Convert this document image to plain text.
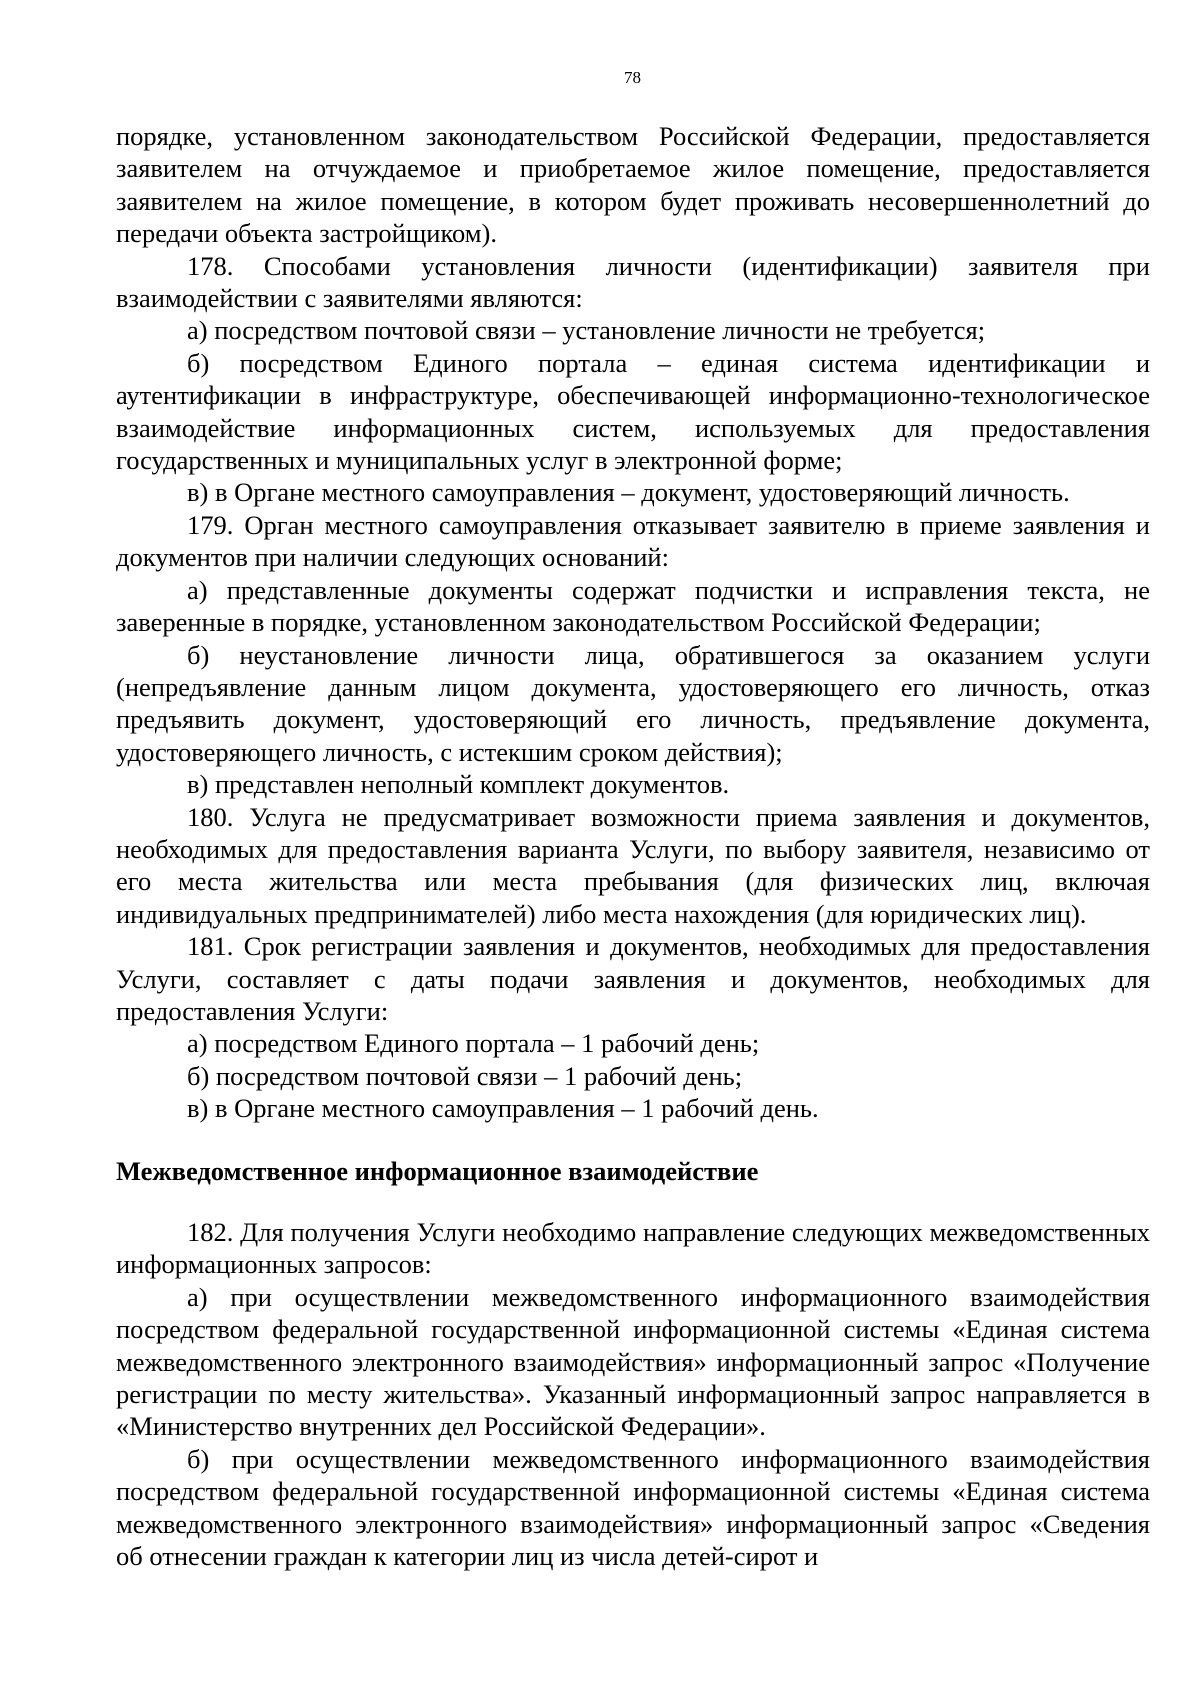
78
порядке, установленном законодательством Российской Федерации, предоставляется заявителем на отчуждаемое и приобретаемое жилое помещение, предоставляется заявителем на жилое помещение, в котором будет проживать несовершеннолетний до передачи объекта застройщиком).
178. Способами установления личности (идентификации) заявителя при взаимодействии с заявителями являются:
а) посредством почтовой связи – установление личности не требуется;
б) посредством Единого портала – единая система идентификации и аутентификации в инфраструктуре, обеспечивающей информационно-технологическое взаимодействие информационных систем, используемых для предоставления государственных и муниципальных услуг в электронной форме;
в) в Органе местного самоуправления – документ, удостоверяющий личность.
179. Орган местного самоуправления отказывает заявителю в приеме заявления и документов при наличии следующих оснований:
а) представленные документы содержат подчистки и исправления текста, не заверенные в порядке, установленном законодательством Российской Федерации;
б) неустановление личности лица, обратившегося за оказанием услуги (непредъявление данным лицом документа, удостоверяющего его личность, отказ предъявить документ, удостоверяющий его личность, предъявление документа, удостоверяющего личность, с истекшим сроком действия);
в) представлен неполный комплект документов.
180. Услуга не предусматривает возможности приема заявления и документов, необходимых для предоставления варианта Услуги, по выбору заявителя, независимо от его места жительства или места пребывания (для физических лиц, включая индивидуальных предпринимателей) либо места нахождения (для юридических лиц).
181. Срок регистрации заявления и документов, необходимых для предоставления Услуги, составляет с даты подачи заявления и документов, необходимых для предоставления Услуги:
а) посредством Единого портала – 1 рабочий день;
б) посредством почтовой связи – 1 рабочий день;
в) в Органе местного самоуправления – 1 рабочий день.
Межведомственное информационное взаимодействие
182. Для получения Услуги необходимо направление следующих межведомственных информационных запросов:
а) при осуществлении межведомственного информационного взаимодействия посредством федеральной государственной информационной системы «Единая система межведомственного электронного взаимодействия» информационный запрос «Получение регистрации по месту жительства». Указанный информационный запрос направляется в «Министерство внутренних дел Российской Федерации».
б) при осуществлении межведомственного информационного взаимодействия посредством федеральной государственной информационной системы «Единая система межведомственного электронного взаимодействия» информационный запрос «Сведения об отнесении граждан к категории лиц из числа детей-сирот и
